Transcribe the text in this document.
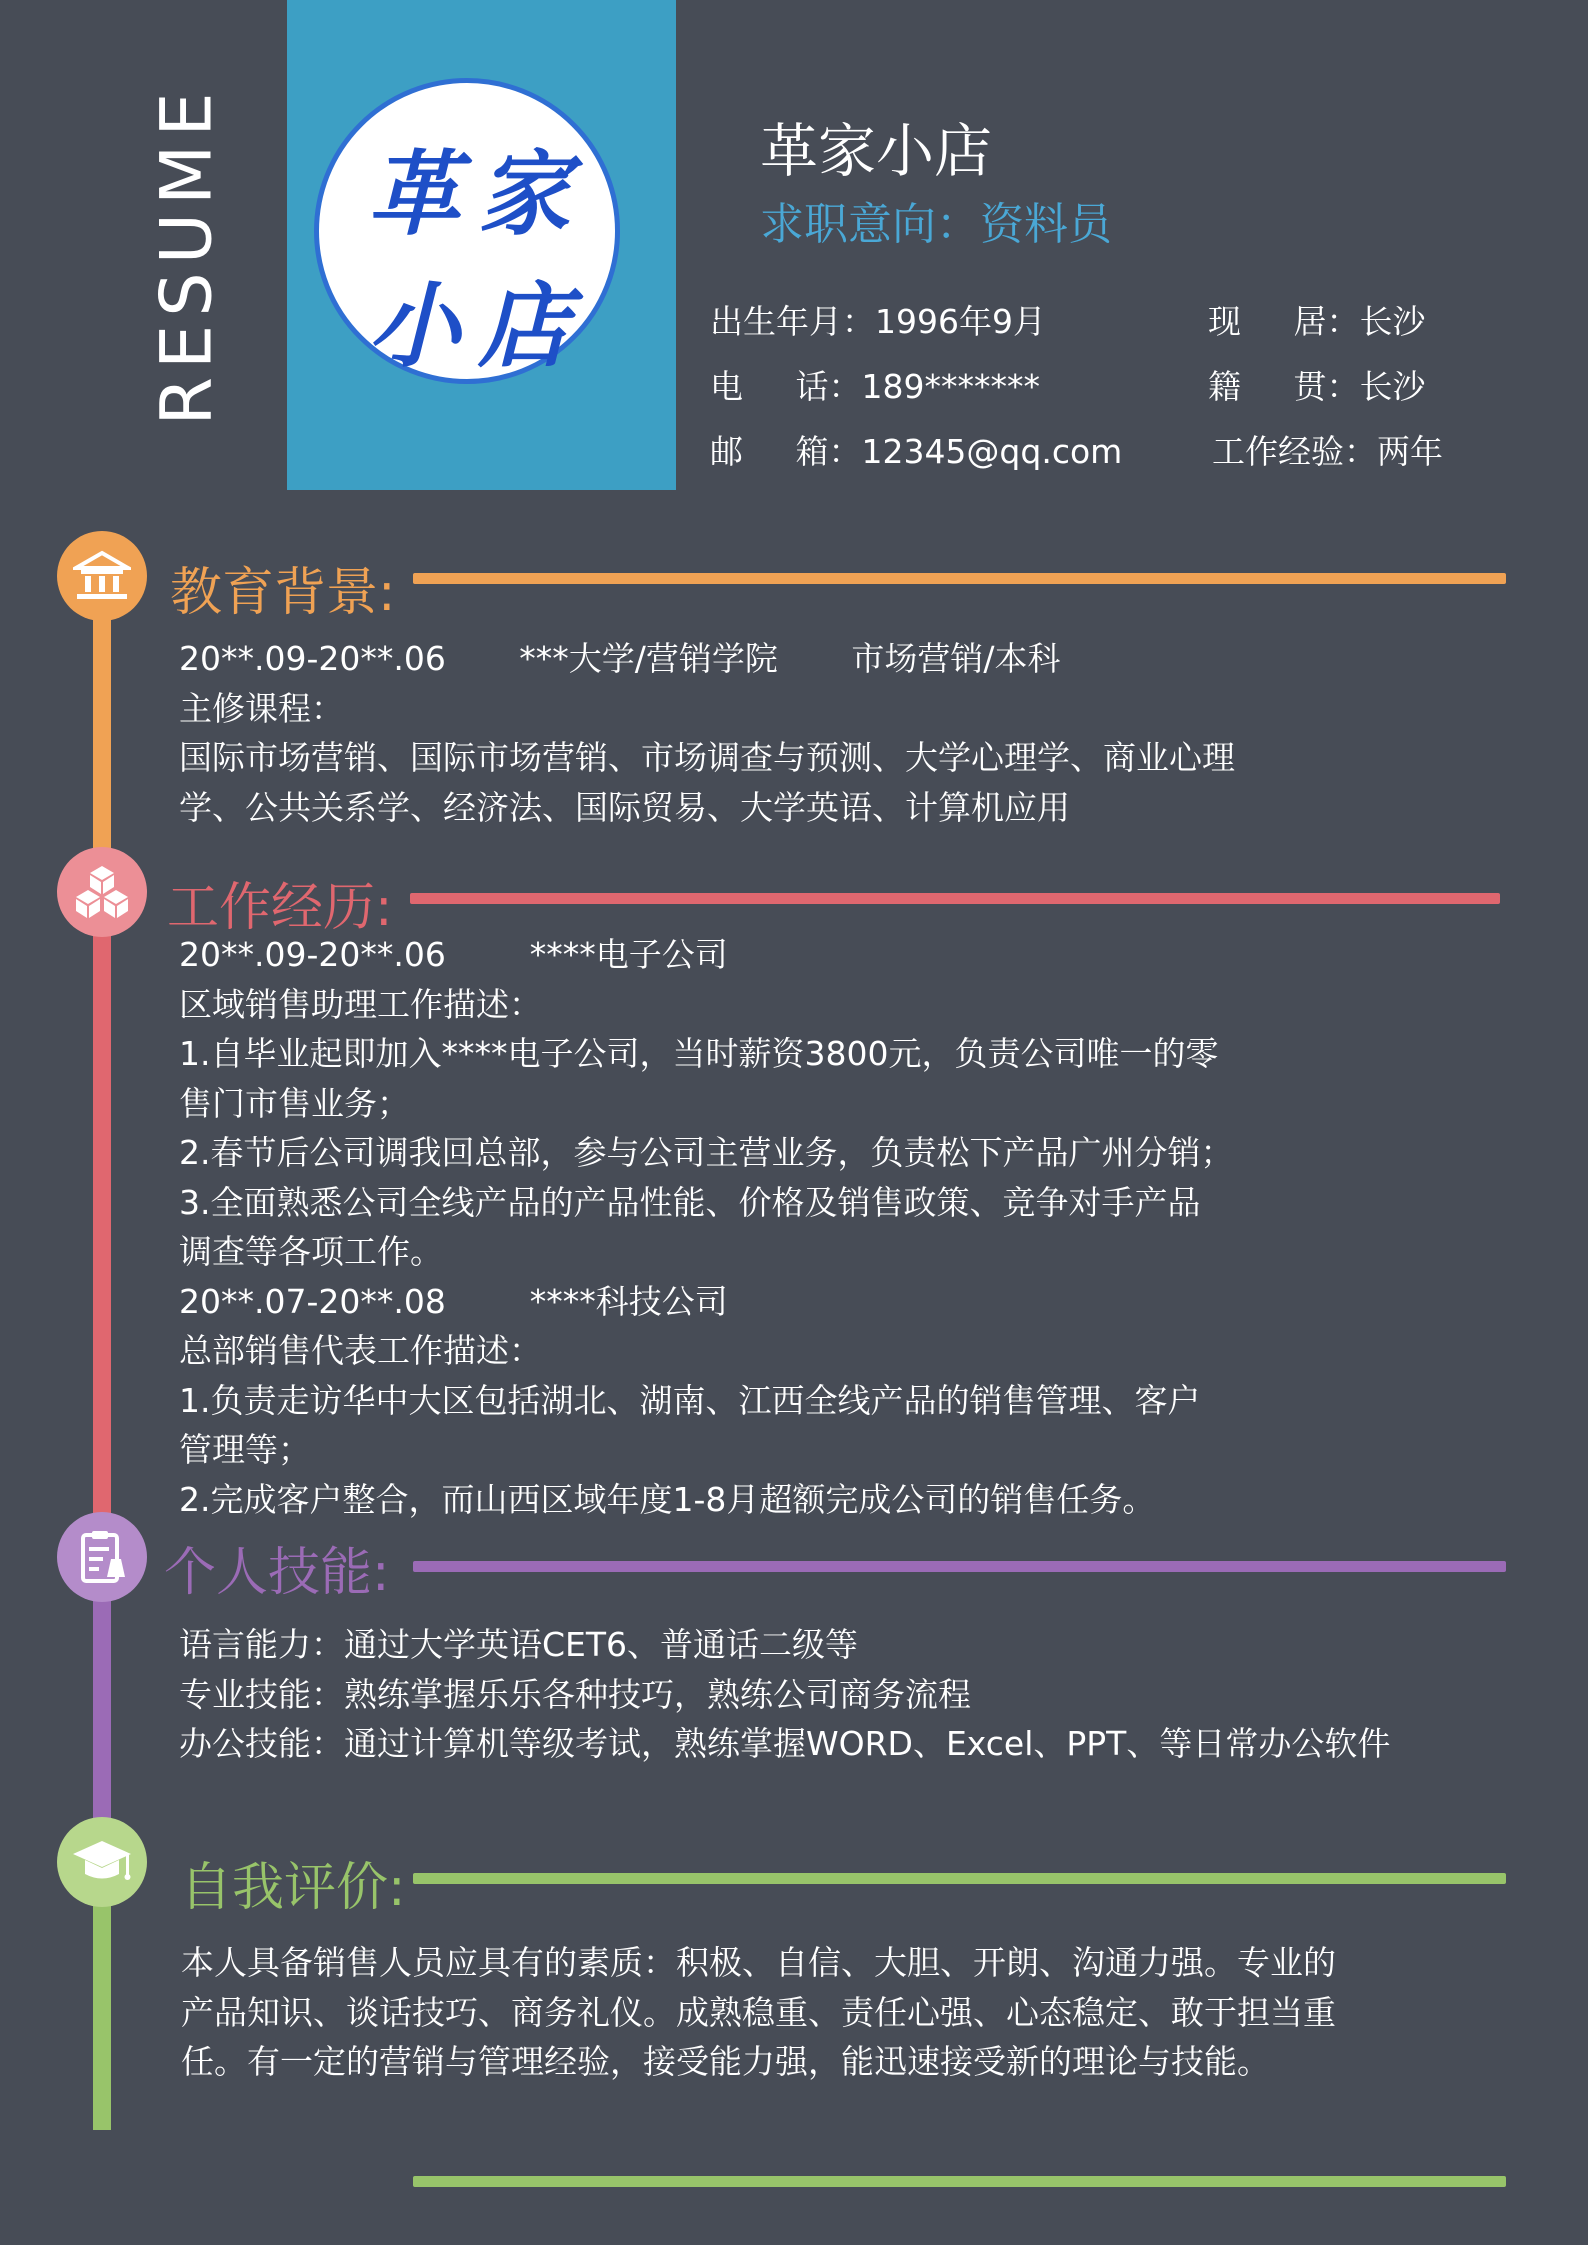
RESUME 革 家
小 店
革家小店
求职意向：资料员
出生年月：1996年9月	现     居：长沙
电     话：189*******	籍     贯：长沙
邮     箱：12345@qq.com	工作经验：两年
教育背景:
工作经历:
个人技能:
自我评价:
20**.09-20**.06       ***大学/营销学院       市场营销/本科
主修课程：
国际市场营销、国际市场营销、市场调查与预测、大学心理学、商业心理
学、公共关系学、经济法、国际贸易、大学英语、计算机应用
20**.09-20**.06        ****电子公司
区域销售助理工作描述：
1.自毕业起即加入****电子公司，当时薪资3800元，负责公司唯一的零
售门市售业务；
2.春节后公司调我回总部，参与公司主营业务，负责松下产品广州分销；
3.全面熟悉公司全线产品的产品性能、价格及销售政策、竞争对手产品
调查等各项工作。
20**.07-20**.08        ****科技公司
总部销售代表工作描述：
1.负责走访华中大区包括湖北、湖南、江西全线产品的销售管理、客户
管理等；
2.完成客户整合，而山西区域年度1-8月超额完成公司的销售任务。
语言能力：通过大学英语CET6、普通话二级等
专业技能：熟练掌握乐乐各种技巧，熟练公司商务流程
办公技能：通过计算机等级考试，熟练掌握WORD、Excel、PPT、等日常办公软件
本人具备销售人员应具有的素质：积极、自信、大胆、开朗、沟通力强。专业的
产品知识、谈话技巧、商务礼仪。成熟稳重、责任心强、心态稳定、敢于担当重
任。有一定的营销与管理经验，接受能力强，能迅速接受新的理论与技能。
